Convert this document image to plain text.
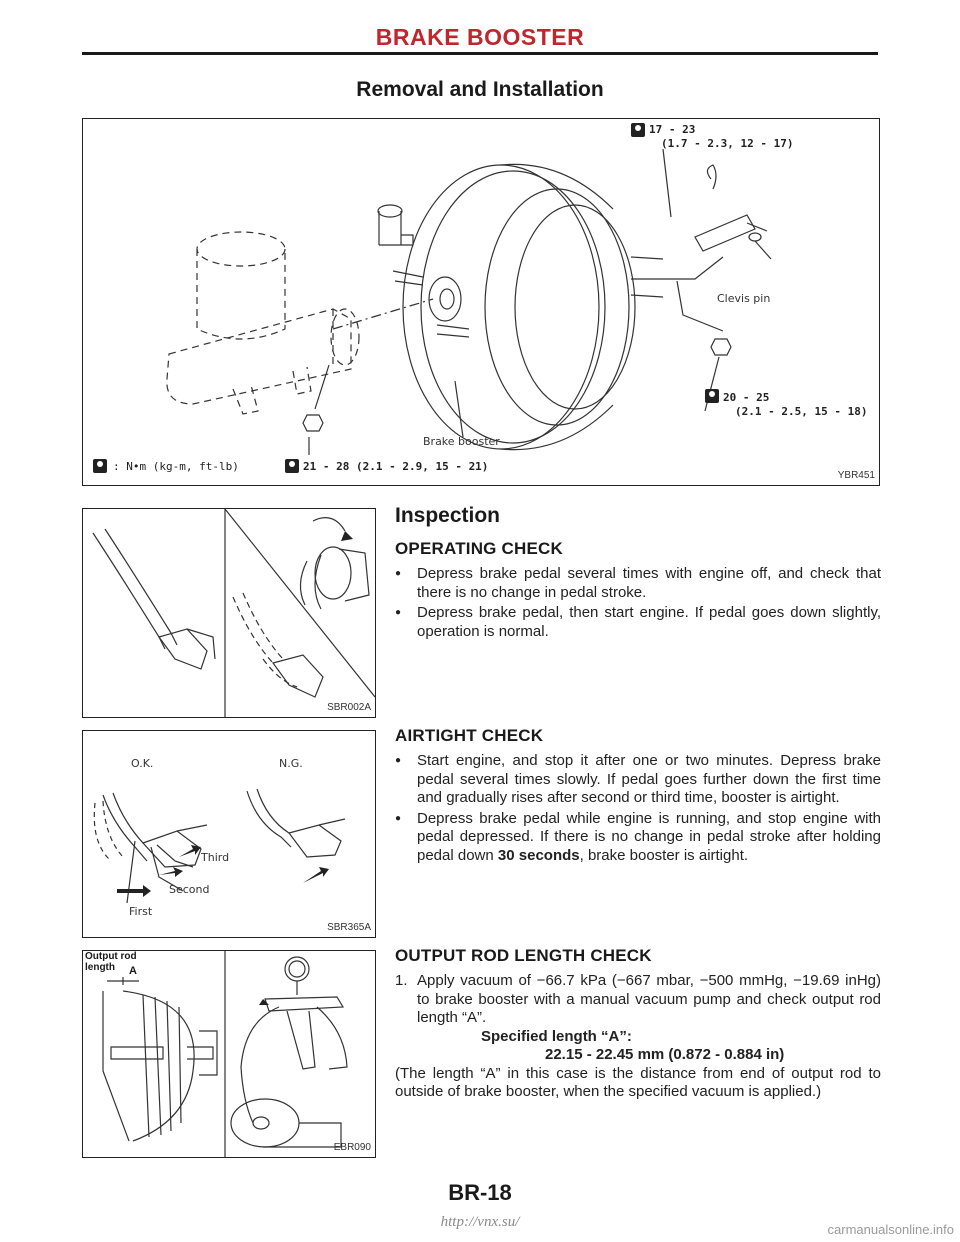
BRAKE BOOSTER
Removal and Installation
17 - 23
(1.7 - 2.3, 12 - 17)
20 - 25
(2.1 - 2.5, 15 - 18)
21 - 28 (2.1 - 2.9, 15 - 21)
: N•m (kg-m, ft-lb)
Clevis pin
Brake booster
YBR451
Inspection
SBR002A
OPERATING CHECK

● Depress brake pedal several times with engine off, and check that there is no change in pedal stroke.

● Depress brake pedal, then start engine. If pedal goes down slightly, operation is normal.

O.K.	N.G.
Third
Second
First
SBR365A
AIRTIGHT CHECK

● Start engine, and stop it after one or two minutes. Depress brake pedal several times slowly. If pedal goes further down the first time and gradually rises after second or third time, booster is airtight.

● Depress brake pedal while engine is running, and stop engine with pedal depressed. If there is no change in pedal stroke after holding pedal down 30 seconds, brake booster is airtight.

Output rod
length	A
EBR090
OUTPUT ROD LENGTH CHECK
1. Apply vacuum of −66.7 kPa (−667 mbar, −500 mmHg, −19.69 inHg) to brake booster with a manual vacuum pump and check output rod length “A”.
Specified length “A”:
22.15 - 22.45 mm (0.872 - 0.884 in)
(The length “A” in this case is the distance from end of output rod to outside of brake booster, when the specified vacuum is applied.)
BR-18
http://vnx.su/	carmanualsonline.info
